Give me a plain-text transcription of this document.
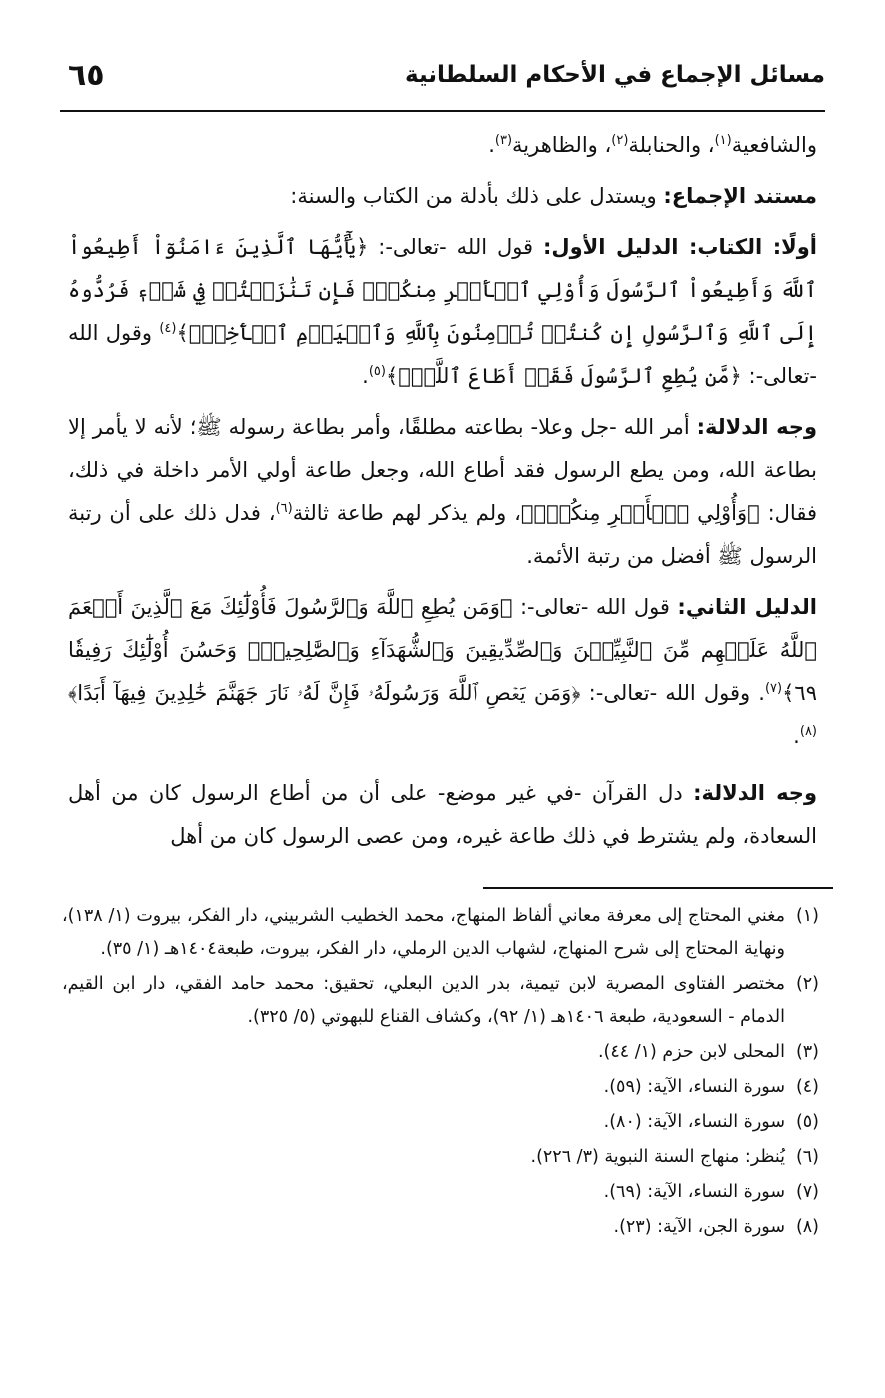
مسائل الإجماع في الأحكام السلطانية
٦٥

والشافعية$^{(١)}$، والحنابلة$^{(٢)}$، والظاهرية$^{(٣)}$.

مستند الإجماع: ويستدل على ذلك بأدلة من الكتاب والسنة:

أولًا: الكتاب: الدليل الأول: قول الله -تعالى-: ﴿يَٰٓأَيُّهَا ٱلَّذِينَ ءَامَنُوٓاْ أَطِيعُواْ ٱللَّهَ وَأَطِيعُواْ ٱلرَّسُولَ وَأُوْلِي ٱلۡأَمۡرِ مِنكُمۡۖ فَإِن تَنَٰزَعۡتُمۡ فِي شَيۡءٖ فَرُدُّوهُ إِلَى ٱللَّهِ وَٱلرَّسُولِ إِن كُنتُمۡ تُؤۡمِنُونَ بِٱللَّهِ وَٱلۡيَوۡمِ ٱلۡأٓخِرِۚ﴾$^{(٤)}$ وقول الله -تعالى-: ﴿مَّن يُطِعِ ٱلرَّسُولَ فَقَدۡ أَطَاعَ ٱللَّهَۖ﴾$^{(٥)}$.

وجه الدلالة: أمر الله -جل وعلا- بطاعته مطلقًا، وأمر بطاعة رسوله ﷺ؛ لأنه لا يأمر إلا بطاعة الله، ومن يطع الرسول فقد أطاع الله، وجعل طاعة أولي الأمر داخلة في ذلك، فقال: ﴿وَأُوْلِي ٱلۡأَمۡرِ مِنكُمۡۖ﴾، ولم يذكر لهم طاعة ثالثة$^{(٦)}$، فدل ذلك على أن رتبة الرسول ﷺ أفضل من رتبة الأئمة.

الدليل الثاني: قول الله -تعالى-: ﴿وَمَن يُطِعِ ٱللَّهَ وَٱلرَّسُولَ فَأُوْلَٰٓئِكَ مَعَ ٱلَّذِينَ أَنۡعَمَ ٱللَّهُ عَلَيۡهِم مِّنَ ٱلنَّبِيِّـۧنَ وَٱلصِّدِّيقِينَ وَٱلشُّهَدَآءِ وَٱلصَّٰلِحِينَۚ وَحَسُنَ أُوْلَٰٓئِكَ رَفِيقٗا ٦٩﴾$^{(٧)}$. وقول الله -تعالى-: ﴿وَمَن يَعۡصِ ٱللَّهَ وَرَسُولَهُۥ فَإِنَّ لَهُۥ نَارَ جَهَنَّمَ خَٰلِدِينَ فِيهَآ أَبَدًا﴾$^{(٨)}$.

وجه الدلالة: دل القرآن -في غير موضع- على أن من أطاع الرسول كان من أهل السعادة، ولم يشترط في ذلك طاعة غيره، ومن عصى الرسول كان من أهل

(١)
مغني المحتاج إلى معرفة معاني ألفاظ المنهاج، محمد الخطيب الشربيني، دار الفكر، بيروت (١/ ١٣٨)، ونهاية المحتاج إلى شرح المنهاج، لشهاب الدين الرملي، دار الفكر، بيروت، طبعة١٤٠٤هـ (١/ ٣٥).
(٢)
مختصر الفتاوى المصرية لابن تيمية، بدر الدين البعلي، تحقيق: محمد حامد الفقي، دار ابن القيم، الدمام - السعودية، طبعة ١٤٠٦هـ (١/ ٩٢)، وكشاف القناع للبهوتي (٥/ ٣٢٥).
(٣)
المحلى لابن حزم (١/ ٤٤).
(٤)
سورة النساء، الآية: (٥٩).
(٥)
سورة النساء، الآية: (٨٠).
(٦)
يُنظر: منهاج السنة النبوية (٣/ ٢٢٦).
(٧)
سورة النساء، الآية: (٦٩).
(٨)
سورة الجن، الآية: (٢٣).
